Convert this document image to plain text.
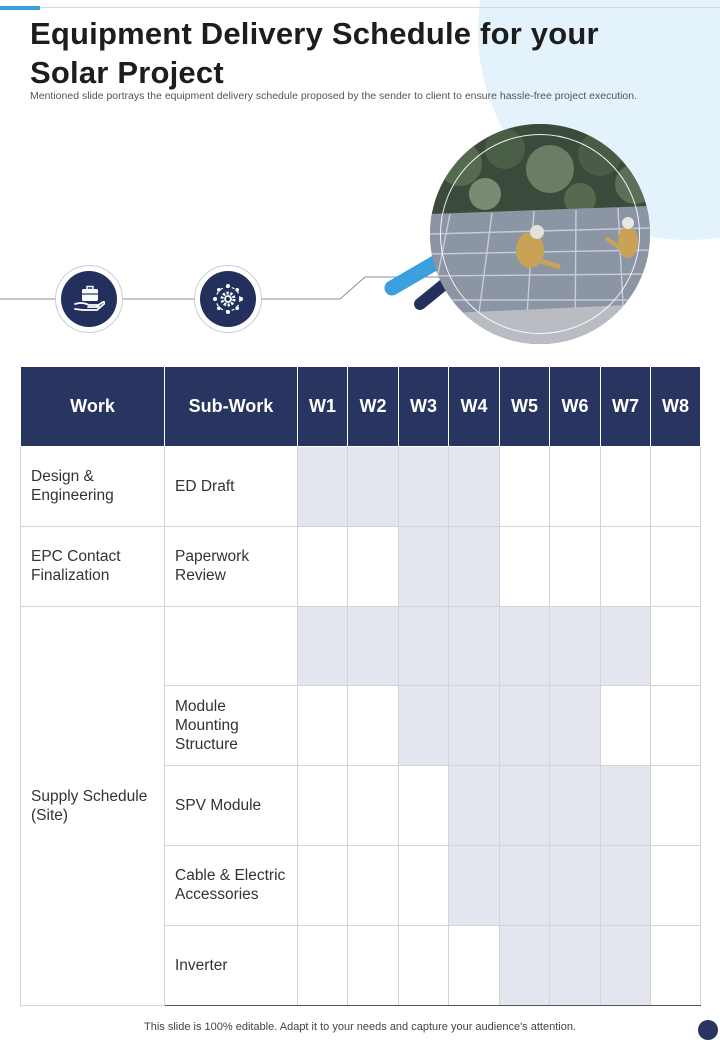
Equipment Delivery Schedule for your Solar Project

Mentioned slide portrays the equipment delivery schedule proposed by the sender to client to ensure hassle-free project execution.

Work	Sub-Work	W1	W2	W3	W4	W5	W6	W7	W8
Design & Engineering	ED Draft								
EPC Contact Finalization	Paperwork Review								
Supply Schedule (Site)									
	Module Mounting Structure								
	SPV Module								
	Cable & Electric Accessories								
	Inverter								

This slide is 100% editable. Adapt it to your needs and capture your audience's attention.
